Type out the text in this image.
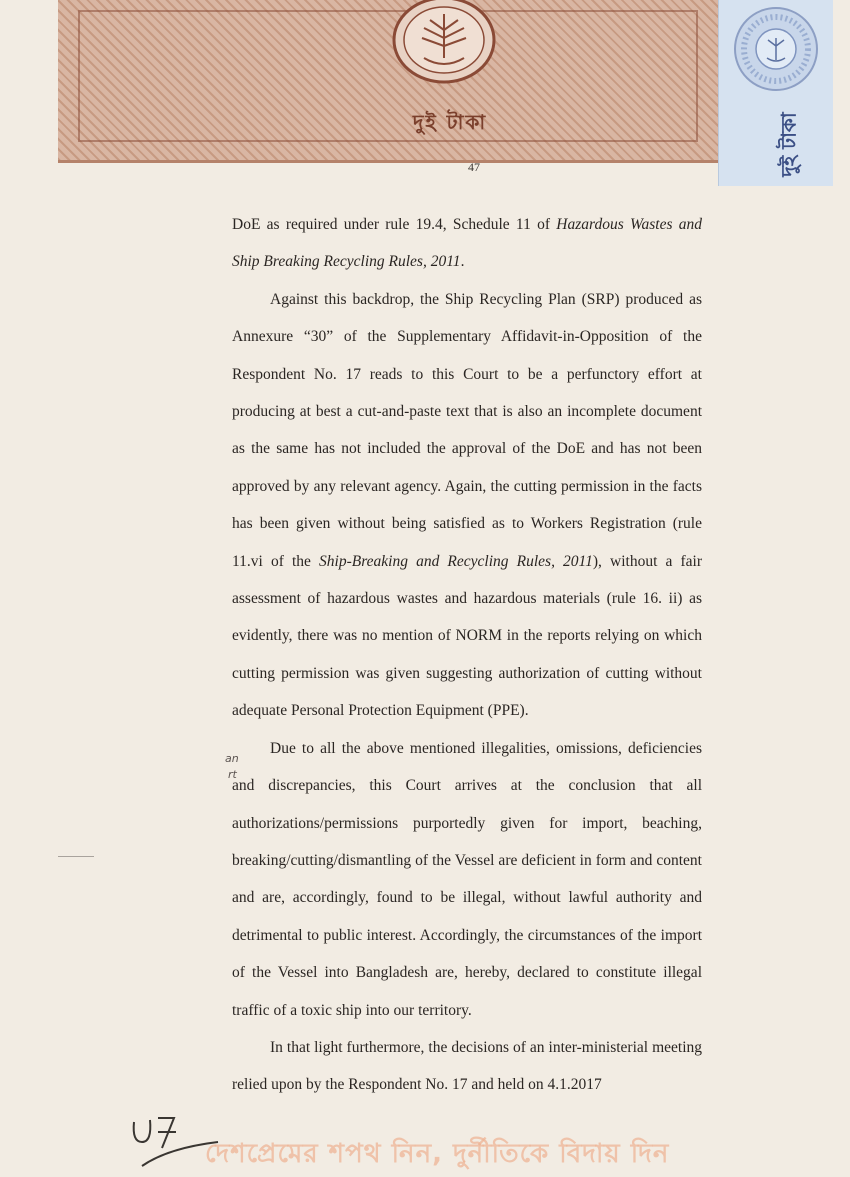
দুই টাকা	দুই টাকা
47

DoE as required under rule 19.4, Schedule 11 of Hazardous Wastes and Ship Breaking Recycling Rules, 2011.

Against this backdrop, the Ship Recycling Plan (SRP) produced as Annexure “30” of the Supplementary Affidavit-in-Opposition of the Respondent No. 17 reads to this Court to be a perfunctory effort at producing at best a cut-and-paste text that is also an incomplete document as the same has not included the approval of the DoE and has not been approved by any relevant agency. Again, the cutting permission in the facts has been given without being satisfied as to Workers Registration (rule 11.vi of the Ship-Breaking and Recycling Rules, 2011), without a fair assessment of hazardous wastes and hazardous materials (rule 16. ii) as evidently, there was no mention of NORM in the reports relying on which cutting permission was given suggesting authorization of cutting without adequate Personal Protection Equipment (PPE).

Due to all the above mentioned illegalities, omissions, deficiencies and discrepancies, this Court arrives at the conclusion that all authorizations/permissions purportedly given for import, beaching, breaking/cutting/dismantling of the Vessel are deficient in form and content and are, accordingly, found to be illegal, without lawful authority and detrimental to public interest. Accordingly, the circumstances of the import of the Vessel into Bangladesh are, hereby, declared to constitute illegal traffic of a toxic ship into our territory.

In that light furthermore, the decisions of an inter-ministerial meeting relied upon by the Respondent No. 17 and held on 4.1.2017

an
rt
দেশপ্রেমের শপথ নিন, দুর্নীতিকে বিদায় দিন
